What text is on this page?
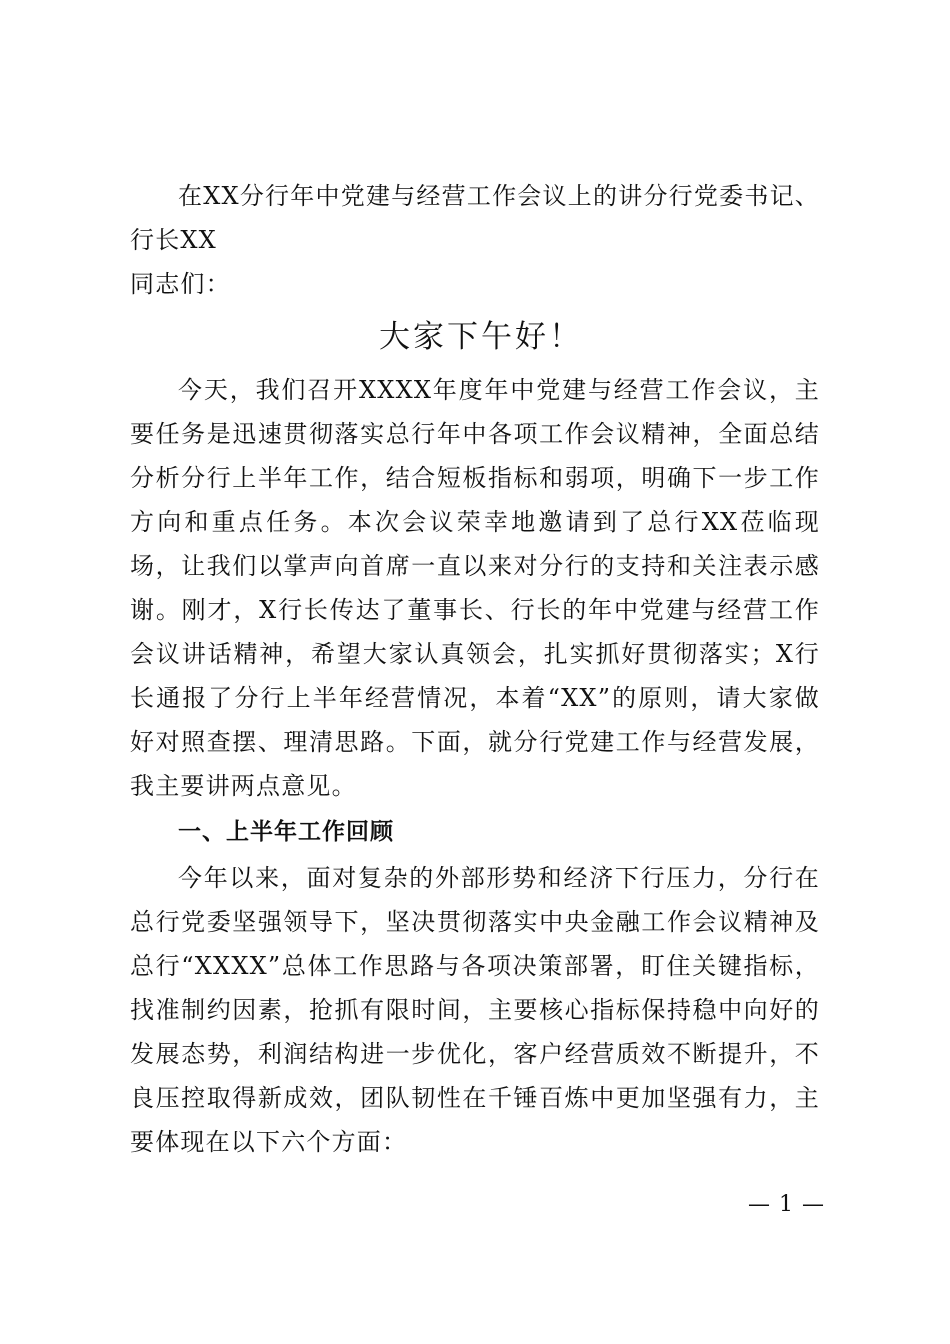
在XX分行年中党建与经营工作会议上的讲分行党委书记、行长XX

同志们：

大家下午好！

今天，我们召开XXXX年度年中党建与经营工作会议，主要任务是迅速贯彻落实总行年中各项工作会议精神，全面总结分析分行上半年工作，结合短板指标和弱项，明确下一步工作方向和重点任务。本次会议荣幸地邀请到了总行XX莅临现场，让我们以掌声向首席一直以来对分行的支持和关注表示感谢。刚才，X行长传达了董事长、行长的年中党建与经营工作会议讲话精神，希望大家认真领会，扎实抓好贯彻落实；X行长通报了分行上半年经营情况，本着“XX”的原则，请大家做好对照查摆、理清思路。下面，就分行党建工作与经营发展，我主要讲两点意见。

一、上半年工作回顾

今年以来，面对复杂的外部形势和经济下行压力，分行在总行党委坚强领导下，坚决贯彻落实中央金融工作会议精神及总行“XXXX”总体工作思路与各项决策部署，盯住关键指标，找准制约因素，抢抓有限时间，主要核心指标保持稳中向好的发展态势，利润结构进一步优化，客户经营质效不断提升，不良压控取得新成效，团队韧性在千锤百炼中更加坚强有力，主要体现在以下六个方面：

— 1 —
